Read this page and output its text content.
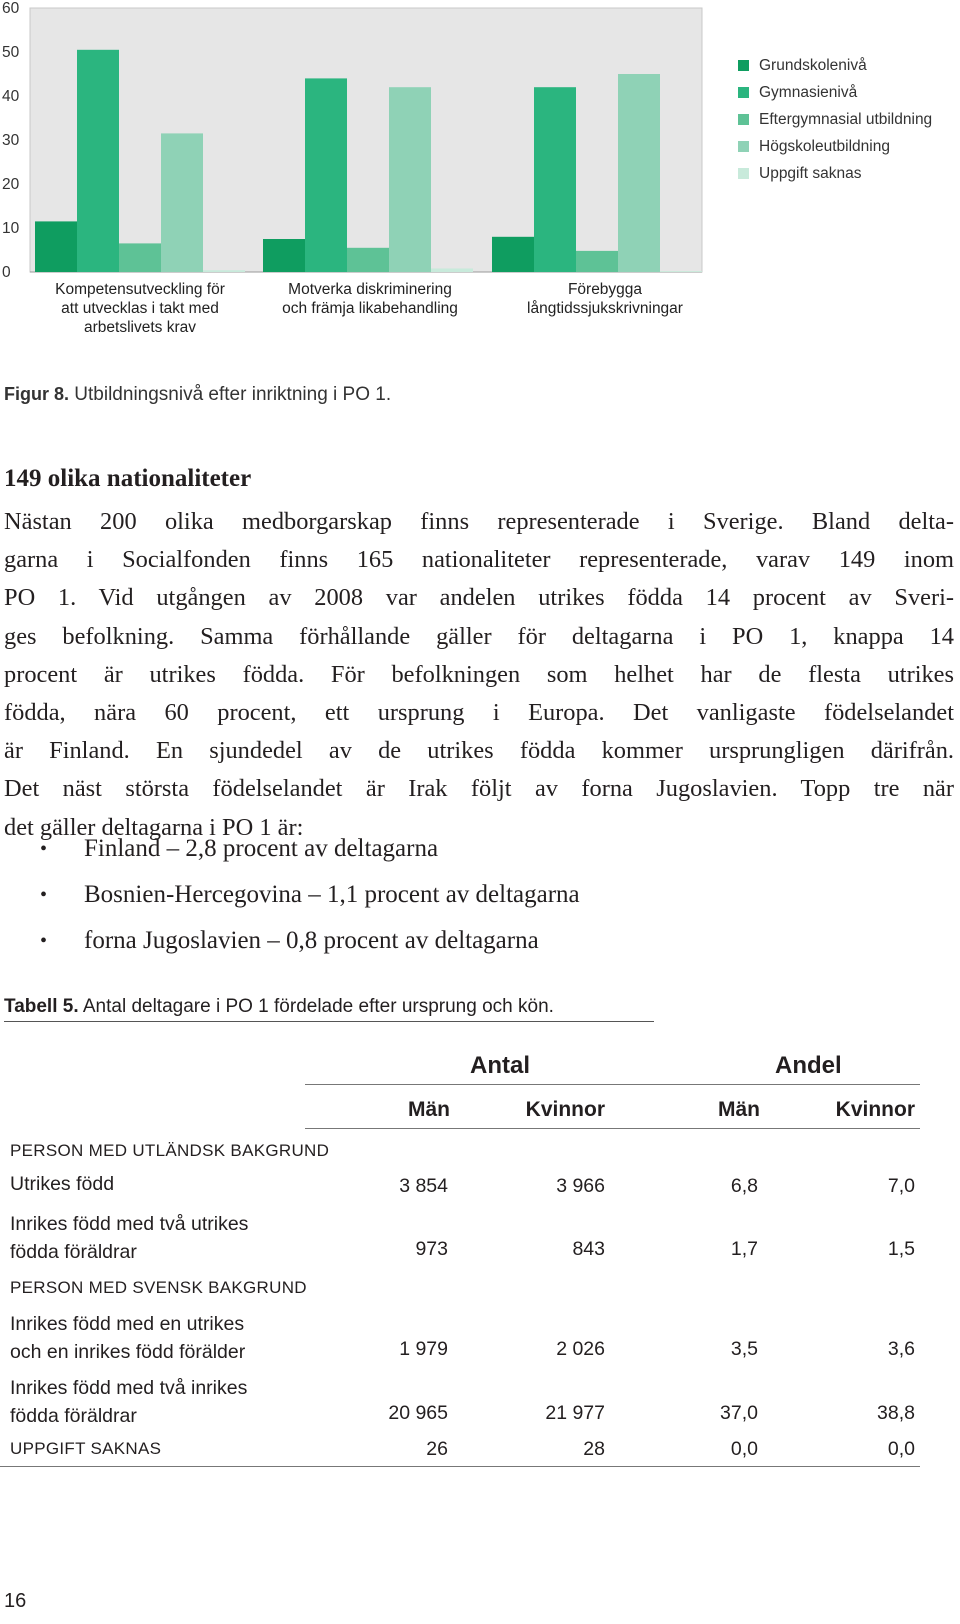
0
10
20
30
40
50
60
Grundskolenivå
Gymnasienivå
Eftergymnasial utbildning
Högskoleutbildning
Uppgift saknas
Kompetensutveckling för
att utvecklas i takt med
arbetslivets krav
Motverka diskriminering
och främja likabehandling
Förebygga
långtidssjukskrivningar
Figur 8. Utbildningsnivå efter inriktning i PO 1.
149 olika nationaliteter
Nästan 200 olika medborgarskap finns representerade i Sverige. Bland delta-
garna i Socialfonden finns 165 nationaliteter representerade, varav 149 inom
PO 1. Vid utgången av 2008 var andelen utrikes födda 14 procent av Sveri-
ges befolkning. Samma förhållande gäller för deltagarna i PO 1, knappa 14
procent är utrikes födda. För befolkningen som helhet har de flesta utrikes
födda, nära 60 procent, ett ursprung i Europa. Det vanligaste födelselandet
är Finland. En sjundedel av de utrikes födda kommer ursprungligen därifrån.
Det näst största födelselandet är Irak följt av forna Jugoslavien. Topp tre när
det gäller deltagarna i PO 1 är:
• Finland – 2,8 procent av deltagarna
• Bosnien-Hercegovina – 1,1 procent av deltagarna
• forna Jugoslavien – 0,8 procent av deltagarna
Tabell 5. Antal deltagare i PO 1 fördelade efter ursprung och kön.
Antal	Andel
Män	Kvinnor	Män	Kvinnor
PERSON MED UTLÄNDSK BAKGRUND
Utrikes född	3 854	3 966	6,8	7,0
Inrikes född med två utrikes
födda föräldrar	973	843	1,7	1,5
PERSON MED SVENSK BAKGRUND
Inrikes född med en utrikes
och en inrikes född förälder	1 979	2 026	3,5	3,6
Inrikes född med två inrikes
födda föräldrar	20 965	21 977	37,0	38,8
UPPGIFT SAKNAS	26	28	0,0	0,0
16
